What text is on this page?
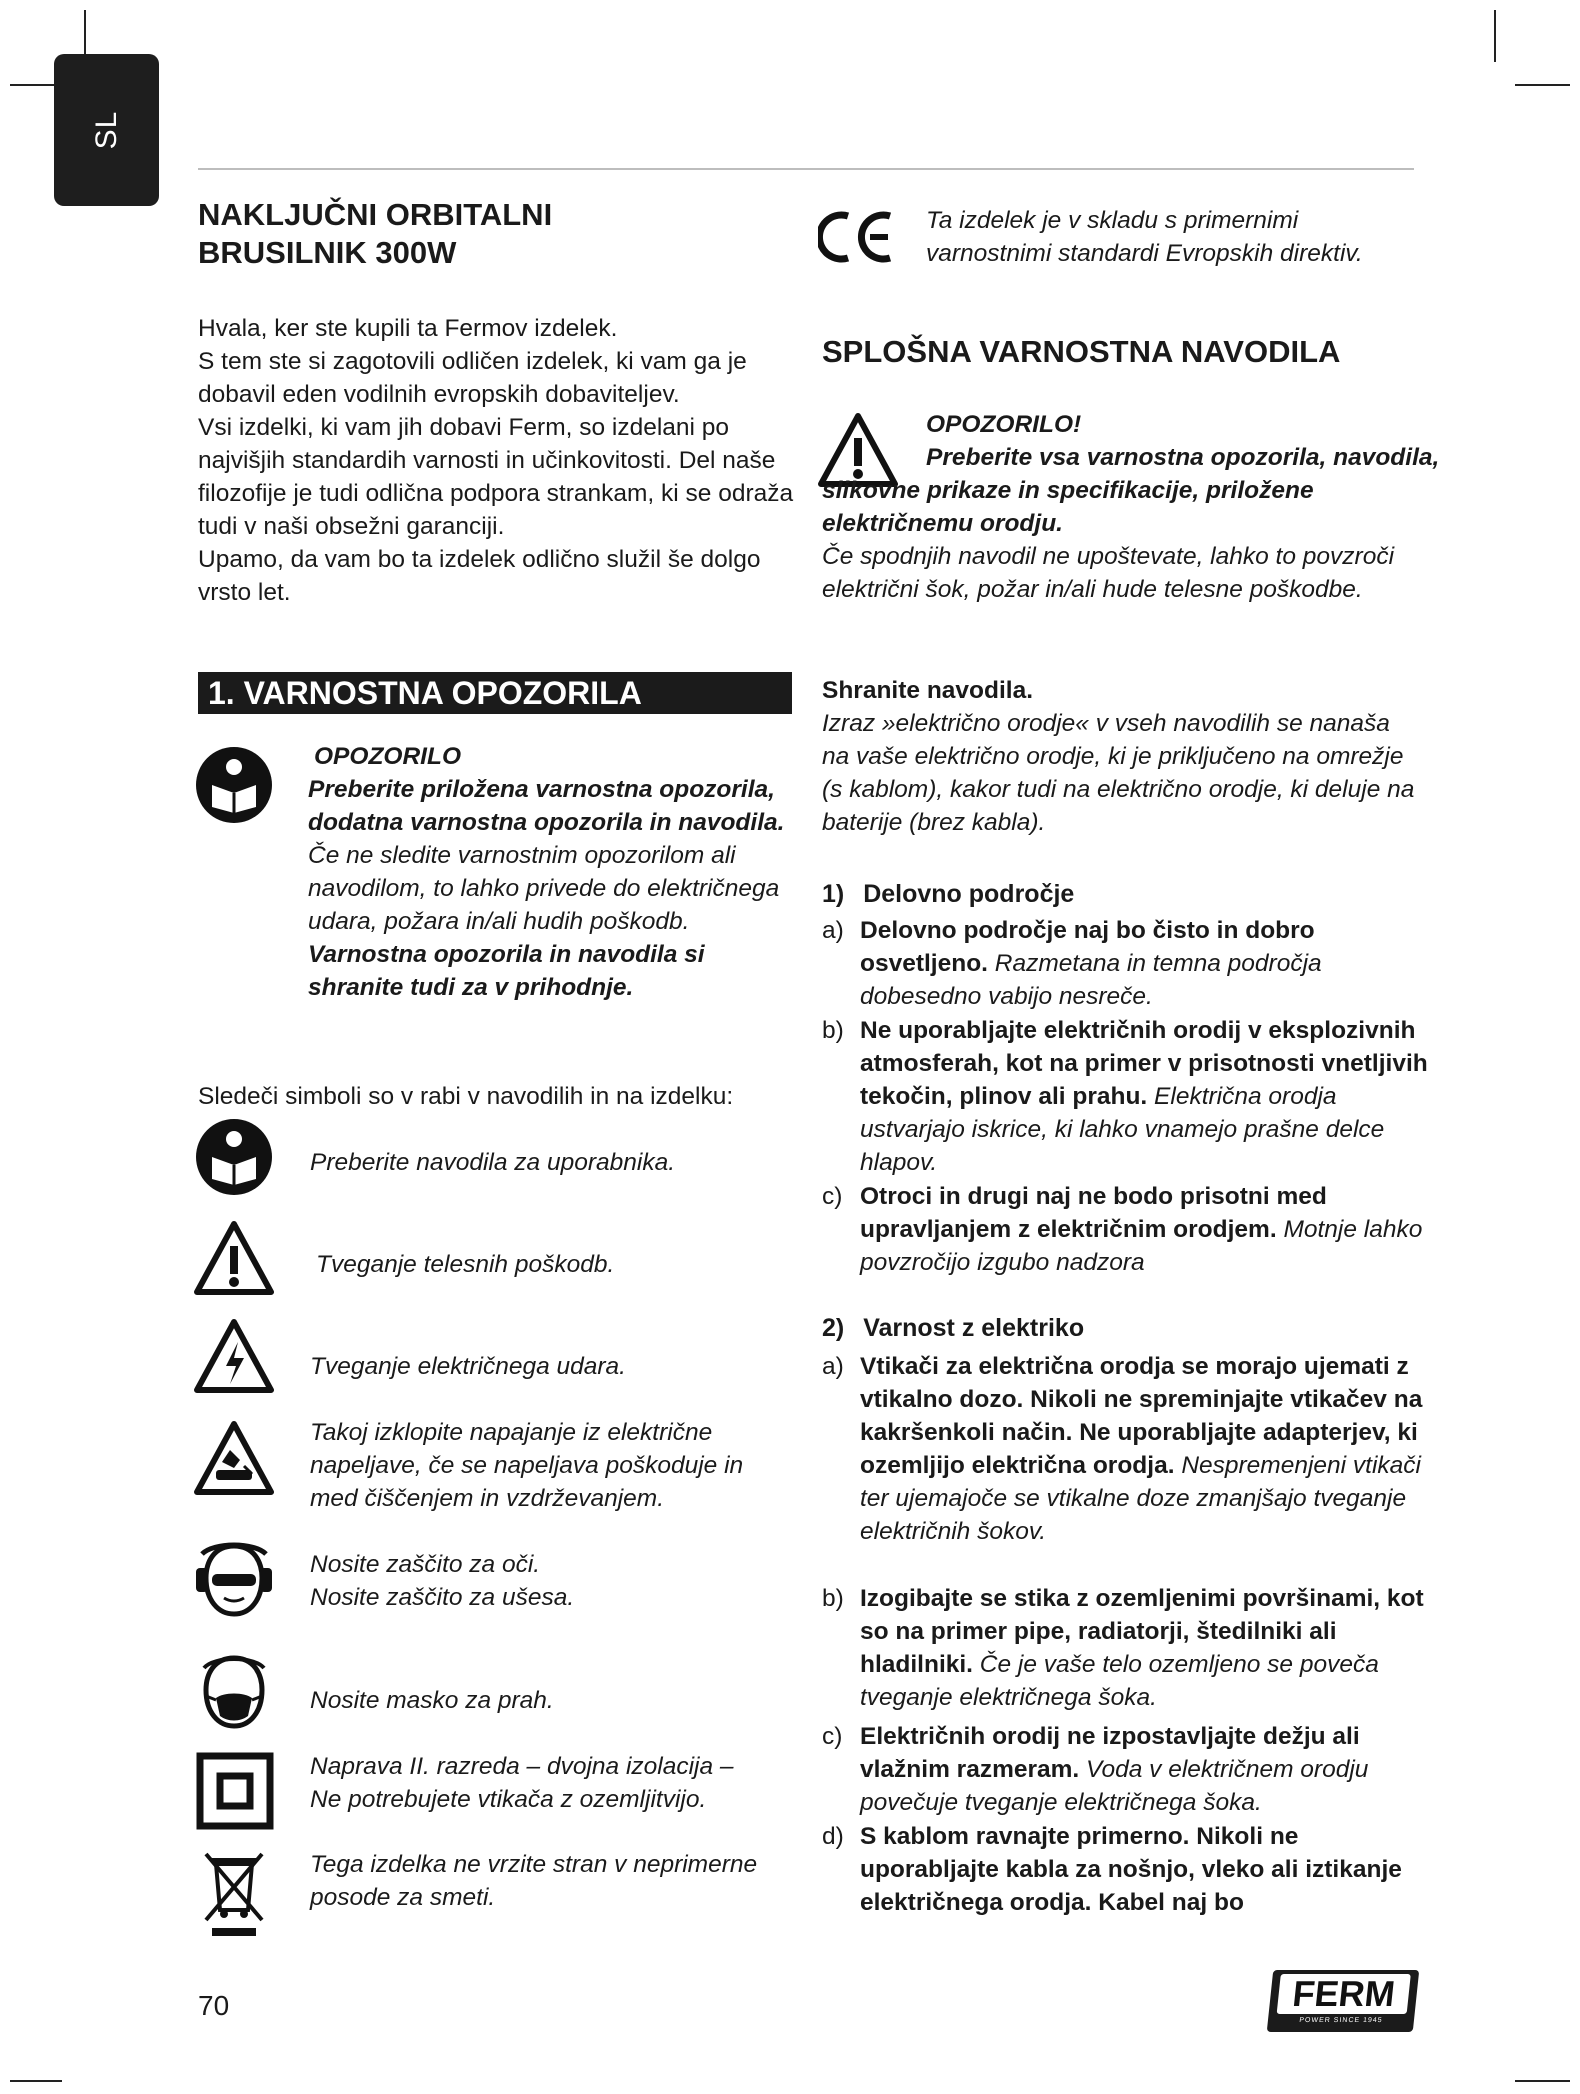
SL
NAKLJUČNI ORBITALNI BRUSILNIK 300W

Hvala, ker ste kupili ta Fermov izdelek.

S tem ste si zagotovili odličen izdelek, ki vam ga je dobavil eden vodilnih evropskih dobaviteljev.

Vsi izdelki, ki vam jih dobavi Ferm, so izdelani po najvišjih standardih varnosti in učinkovitosti. Del naše filozofije je tudi odlična podpora strankam, ki se odraža tudi v naši obsežni garanciji.

Upamo, da vam bo ta izdelek odlično služil še dolgo vrsto let.

1. VARNOSTNA OPOZORILA
OPOZORILO
Preberite priložena varnostna opozorila, dodatna varnostna opozorila in navodila. Če ne sledite varnostnim opozorilom ali navodilom, to lahko privede do električnega udara, požara in/ali hudih poškodb. Varnostna opozorila in navodila si shranite tudi za v prihodnje.

Sledeči simboli so v rabi v navodilih in na izdelku:

Preberite navodila za uporabnika.

Tveganje telesnih poškodb.

Tveganje električnega udara.

Takoj izklopite napajanje iz električne napeljave, če se napeljava poškoduje in med čiščenjem in vzdrževanjem.

Nosite zaščito za oči.

Nosite zaščito za ušesa.

Nosite masko za prah.

Naprava II. razreda – dvojna izolacija –

Ne potrebujete vtikača z ozemljitvijo.

Tega izdelka ne vrzite stran v neprimerne posode za smeti.

Ta izdelek je v skladu s primernimi varnostnimi standardi Evropskih direktiv.

SPLOŠNA VARNOSTNA NAVODILA

OPOZORILO!

Preberite vsa varnostna opozorila, navodila, slikovne prikaze in specifikacije, priložene električnemu orodju.

Če spodnjih navodil ne upoštevate, lahko to povzroči električni šok, požar in/ali hude telesne poškodbe.

Shranite navodila.

Izraz »električno orodje« v vseh navodilih se nanaša na vaše električno orodje, ki je priključeno na omrežje (s kablom), kakor tudi na električno orodje, ki deluje na baterije (brez kabla).

1) Delovno področje
a) Delovno področje naj bo čisto in dobro osvetljeno. Razmetana in temna področja dobesedno vabijo nesreče.
b) Ne uporabljajte električnih orodij v eksplozivnih atmosferah, kot na primer v prisotnosti vnetljivih tekočin, plinov ali prahu. Električna orodja ustvarjajo iskrice, ki lahko vnamejo prašne delce hlapov.
c) Otroci in drugi naj ne bodo prisotni med upravljanjem z električnim orodjem. Motnje lahko povzročijo izgubo nadzora
2) Varnost z elektriko
a) Vtikači za električna orodja se morajo ujemati z vtikalno dozo. Nikoli ne spreminjajte vtikačev na kakršenkoli način. Ne uporabljajte adapterjev, ki ozemljijo električna orodja. Nespremenjeni vtikači ter ujemajoče se vtikalne doze zmanjšajo tveganje električnih šokov.
b) Izogibajte se stika z ozemljenimi površinami, kot so na primer pipe, radiatorji, štedilniki ali hladilniki. Če je vaše telo ozemljeno se poveča tveganje električnega šoka.
c) Električnih orodij ne izpostavljajte dežju ali vlažnim razmeram. Voda v električnem orodju povečuje tveganje električnega šoka.
d) S kablom ravnajte primerno. Nikoli ne uporabljajte kabla za nošnjo, vleko ali iztikanje električnega orodja. Kabel naj bo
70	FERM
POWER SINCE 1945
